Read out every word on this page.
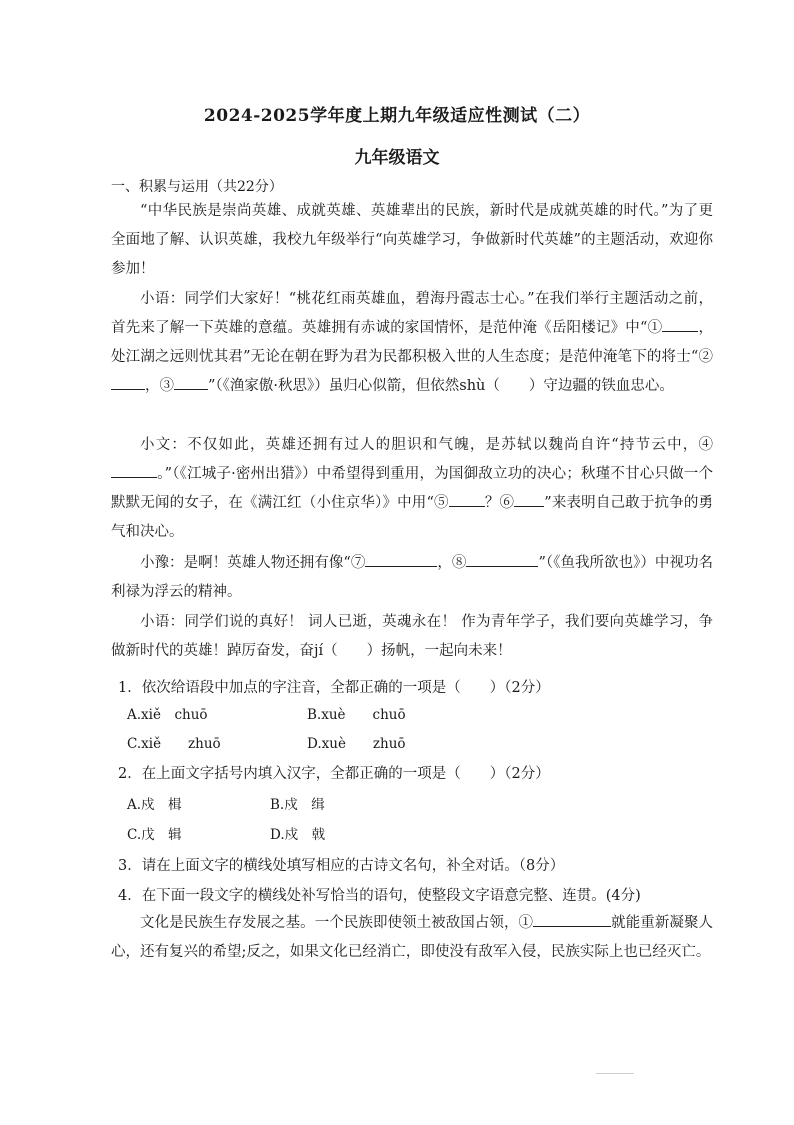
2024-2025学年度上期九年级适应性测试（二）
九年级语文
一、积累与运用（共22分）
“中华民族是崇尚英雄、成就英雄、英雄辈出的民族，新时代是成就英雄的时代。”为了更全面地了解、认识英雄，我校九年级举行“向英雄学习，争做新时代英雄”的主题活动，欢迎你参加！
小语：同学们大家好！“桃花红雨英雄血，碧海丹霞志士心。”在我们举行主题活动之前，首先来了解一下英雄的意蕴。英雄拥有赤诚的家国情怀，是范仲淹《岳阳楼记》中“① ，处江湖之远则忧其君”无论在朝在野为君为民都积极入世的人生态度；是范仲淹笔下的将士“②，③ ”（《渔家傲·秋思》）虽归心似箭，但依然shù（　　）守边疆的铁血忠心。
小文：不仅如此，英雄还拥有过人的胆识和气魄，是苏轼以魏尚自许“持节云中，④。”（《江城子·密州出猎》）中希望得到重用，为国御敌立功的决心；秋瑾不甘心只做一个默默无闻的女子，在《满江红（小住京华）》中用“⑤ ？⑥ ”来表明自己敢于抗争的勇气和决心。
小豫：是啊！英雄人物还拥有像“⑦	，⑧	”（《鱼我所欲也》）中视功名利禄为浮云的精神。
小语：同学们说的真好！ 词人已逝，英魂永在！ 作为青年学子，我们要向英雄学习，争做新时代的英雄！踔厉奋发，奋jí（　　）扬帆，一起向未来！
1．依次给语段中加点的字注音，全都正确的一项是（　　）（2分）
A.xiě　chuō	B.xuè　　chuō
C.xiě　　zhuō	D.xuè　　zhuō
2．在上面文字括号内填入汉字，全都正确的一项是（　　）（2分）
A.戍　楫	B.戍　缉
C.戊　辑	D.戍　戟
3．请在上面文字的横线处填写相应的古诗文名句，补全对话。（8分）
4．在下面一段文字的横线处补写恰当的语句，使整段文字语意完整、连贯。(4分)
文化是民族生存发展之基。一个民族即使领土被敌国占领，①	就能重新凝聚人心，还有复兴的希望;反之，如果文化已经消亡，即使没有敌军入侵，民族实际上也已经灭亡。
